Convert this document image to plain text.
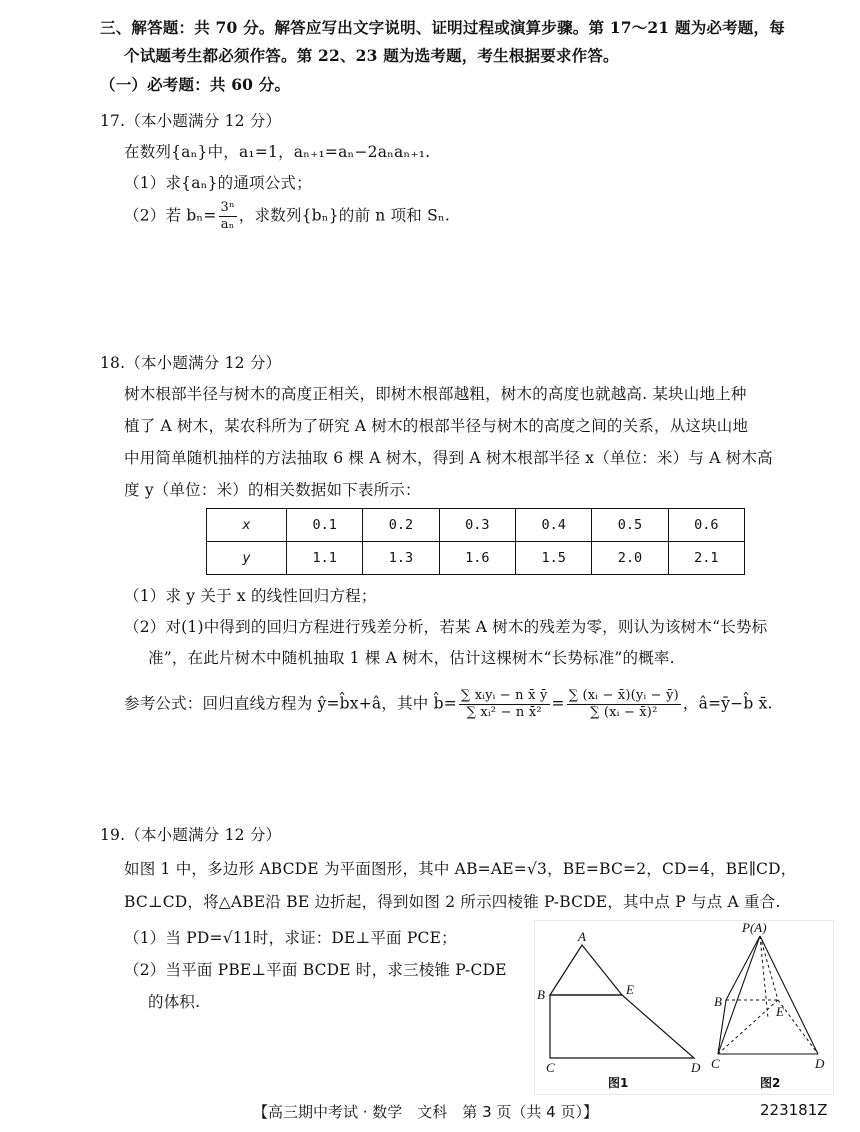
三、解答题：共 70 分。解答应写出文字说明、证明过程或演算步骤。第 17～21 题为必考题，每
个试题考生都必须作答。第 22、23 题为选考题，考生根据要求作答。
（一）必考题：共 60 分。
17.（本小题满分 12 分）
在数列{aₙ}中，a₁=1，aₙ₊₁=aₙ−2aₙaₙ₊₁.
（1）求{aₙ}的通项公式；
（2）若 $b_n= \frac{\text{3ⁿ}}{\text{aₙ}}$ ，求数列{bₙ}的前 n 项和 Sₙ.
18.（本小题满分 12 分）
树木根部半径与树木的高度正相关，即树木根部越粗，树木的高度也就越高. 某块山地上种
植了 A 树木，某农科所为了研究 A 树木的根部半径与树木的高度之间的关系，从这块山地
中用简单随机抽样的方法抽取 6 棵 A 树木，得到 A 树木根部半径 x（单位：米）与 A 树木高
度 y（单位：米）的相关数据如下表所示：
x	0.1	0.2	0.3	0.4	0.5	0.6
y	1.1	1.3	1.6	1.5	2.0	2.1
（1）求 y 关于 x 的线性回归方程；
（2）对(1)中得到的回归方程进行残差分析，若某 A 树木的残差为零，则认为该树木“长势标
准”，在此片树木中随机抽取 1 棵 A 树木，估计这棵树木“长势标准”的概率.
参考公式：回归直线方程为 ŷ=b̂x+â，其中 b̂= $\frac{\text{∑ xᵢyᵢ − n x̄ ȳ}}{\text{∑ xᵢ² − n x̄²}} = \frac{\text{∑ (xᵢ − x̄)(yᵢ − ȳ)}}{\text{∑ (xᵢ − x̄)²}}$ ，â=ȳ−b̂ x̄.
19.（本小题满分 12 分）
如图 1 中，多边形 ABCDE 为平面图形，其中 AB=AE=√3，BE=BC=2，CD=4，BE∥CD，
BC⊥CD，将△ABE沿 BE 边折起，得到如图 2 所示四棱锥 P-BCDE，其中点 P 与点 A 重合.
（1）当 PD=√11时，求证：DE⊥平面 PCE；
（2）当平面 PBE⊥平面 BCDE 时，求三棱锥 P-CDE
的体积.
A
B	E
C	D
图1
P(A)
B
E
C	D
图2
【高三期中考试 · 数学　文科　第 3 页（共 4 页）】	223181Z
